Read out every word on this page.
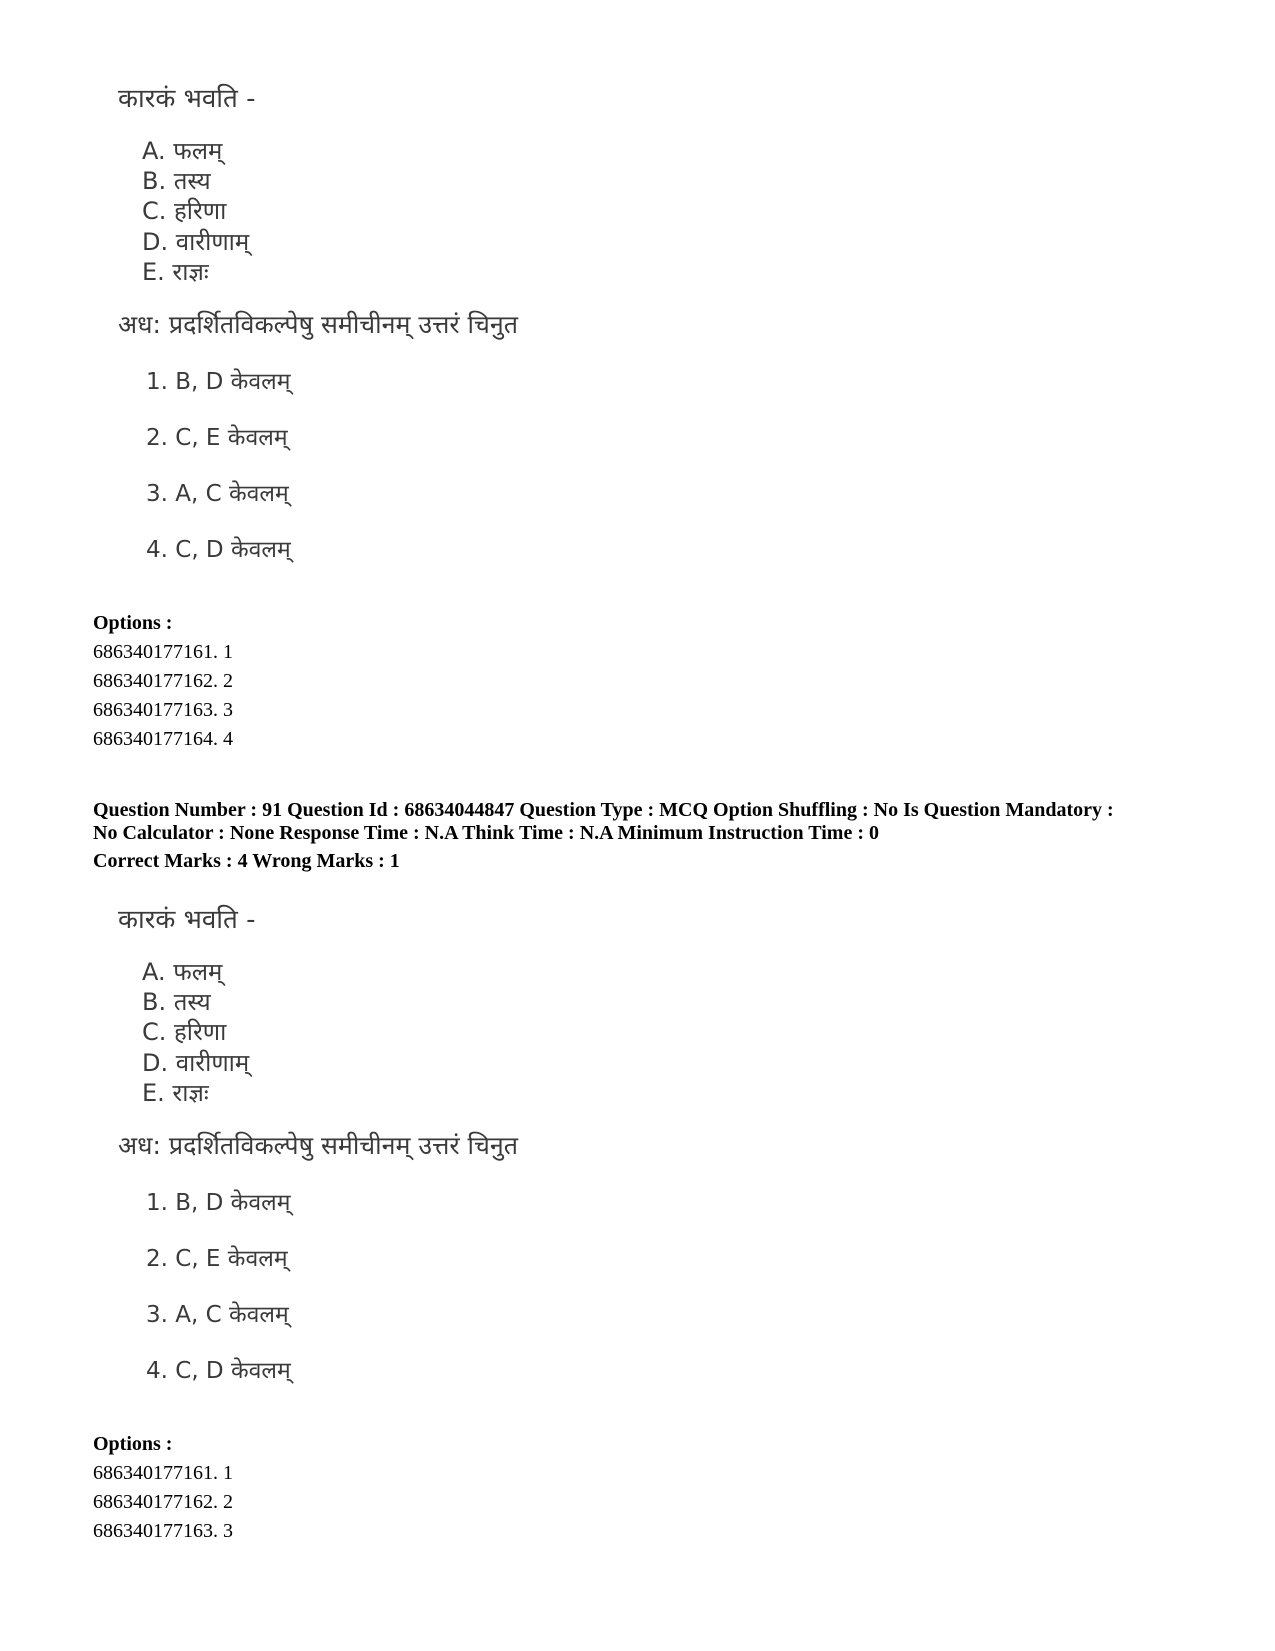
कारकं भवति -
A. फलम्
B. तस्य
C. हरिणा
D. वारीणाम्
E. राज्ञः
अध: प्रदर्शितविकल्पेषु समीचीनम् उत्तरं चिनुत
1. B, D केवलम्
2. C, E केवलम्
3. A, C केवलम्
4. C, D केवलम्
Options :
686340177161. 1
686340177162. 2
686340177163. 3
686340177164. 4
Question Number : 91 Question Id : 68634044847 Question Type : MCQ Option Shuffling : No Is Question Mandatory :
No Calculator : None Response Time : N.A Think Time : N.A Minimum Instruction Time : 0
Correct Marks : 4 Wrong Marks : 1
कारकं भवति -
A. फलम्
B. तस्य
C. हरिणा
D. वारीणाम्
E. राज्ञः
अध: प्रदर्शितविकल्पेषु समीचीनम् उत्तरं चिनुत
1. B, D केवलम्
2. C, E केवलम्
3. A, C केवलम्
4. C, D केवलम्
Options :
686340177161. 1
686340177162. 2
686340177163. 3
